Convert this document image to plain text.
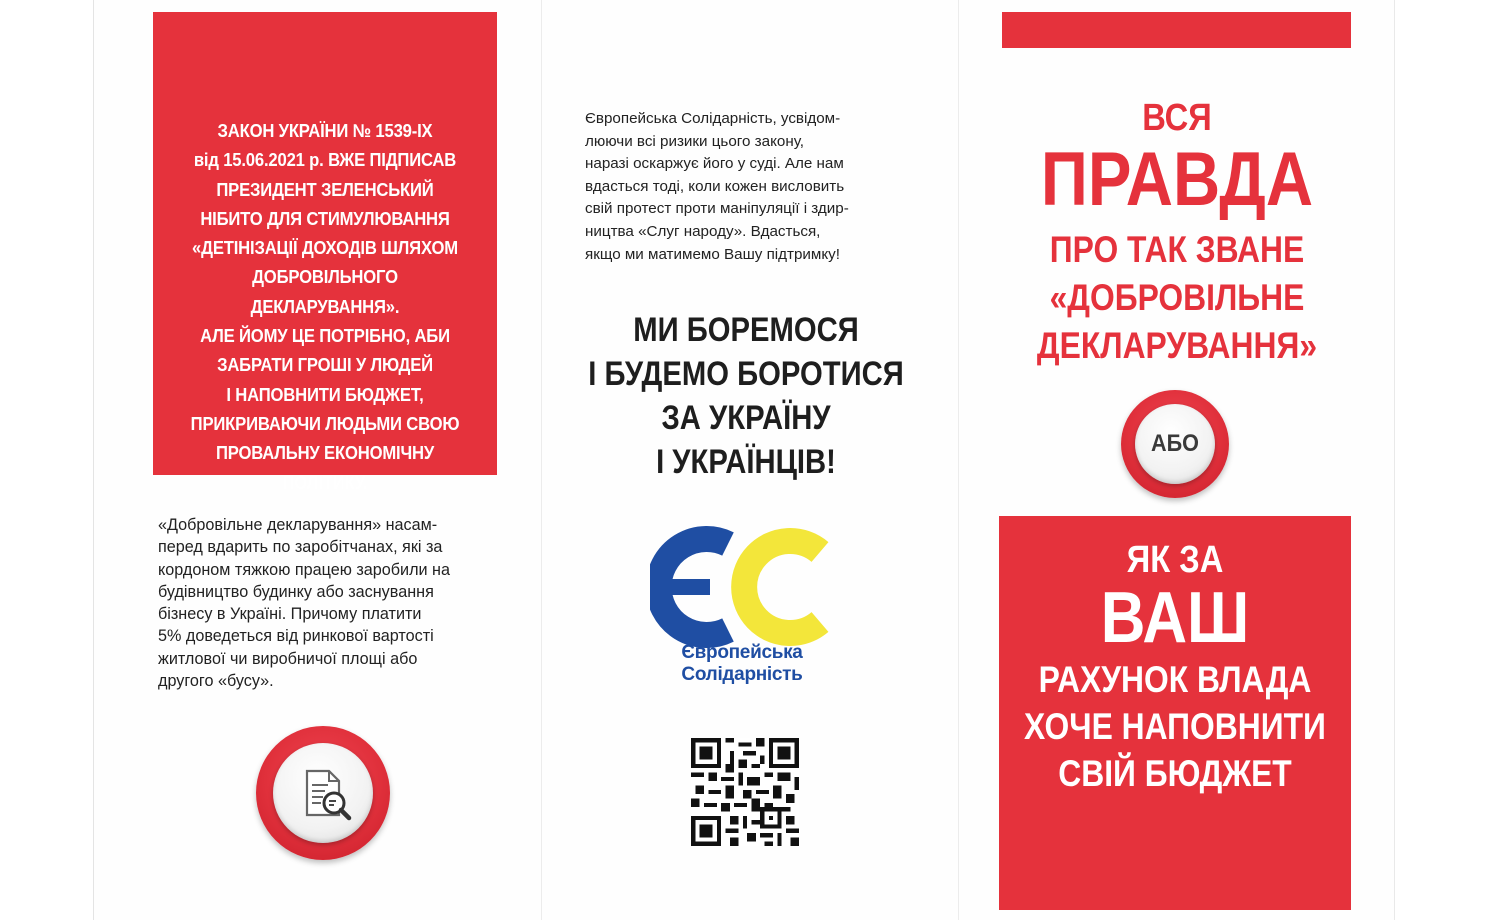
ЗАКОН УКРАЇНИ № 1539-IX
від 15.06.2021 р. ВЖЕ ПІДПИСАВ
ПРЕЗИДЕНТ ЗЕЛЕНСЬКИЙ
НІБИТО ДЛЯ СТИМУЛЮВАННЯ
«ДЕТІНІЗАЦІЇ ДОХОДІВ ШЛЯХОМ
ДОБРОВІЛЬНОГО ДЕКЛАРУВАННЯ».
АЛЕ ЙОМУ ЦЕ ПОТРІБНО, АБИ
ЗАБРАТИ ГРОШІ У ЛЮДЕЙ
І НАПОВНИТИ БЮДЖЕТ,
ПРИКРИВАЮЧИ ЛЮДЬМИ СВОЮ
ПРОВАЛЬНУ ЕКОНОМІЧНУ
ПОЛІТИКУ.
«Добровільне декларування» насам-
перед вдарить по заробітчанах, які за
кордоном тяжкою працею заробили на
будівництво будинку або заснування
бізнесу в Україні. Причому платити
5% доведеться від ринкової вартості
житлової чи виробничої площі або
другого «бусу».
Європейська Солідарність, усвідом-
люючи всі ризики цього закону,
наразі оскаржує його у суді. Але нам
вдасться тоді, коли кожен висловить
свій протест проти маніпуляції і здир-
ництва «Слуг народу». Вдасться,
якщо ми матимемо Вашу підтримку!
МИ БОРЕМОСЯ
І БУДЕМО БОРОТИСЯ
ЗА УКРАЇНУ
І УКРАЇНЦІВ!
Європейська
Солідарність
ВСЯ
ПРАВДА
ПРО ТАК ЗВАНЕ
«ДОБРОВІЛЬНЕ
ДЕКЛАРУВАННЯ»
АБО
ЯК ЗА
ВАШ
РАХУНОК ВЛАДА
ХОЧЕ НАПОВНИТИ
СВІЙ БЮДЖЕТ
